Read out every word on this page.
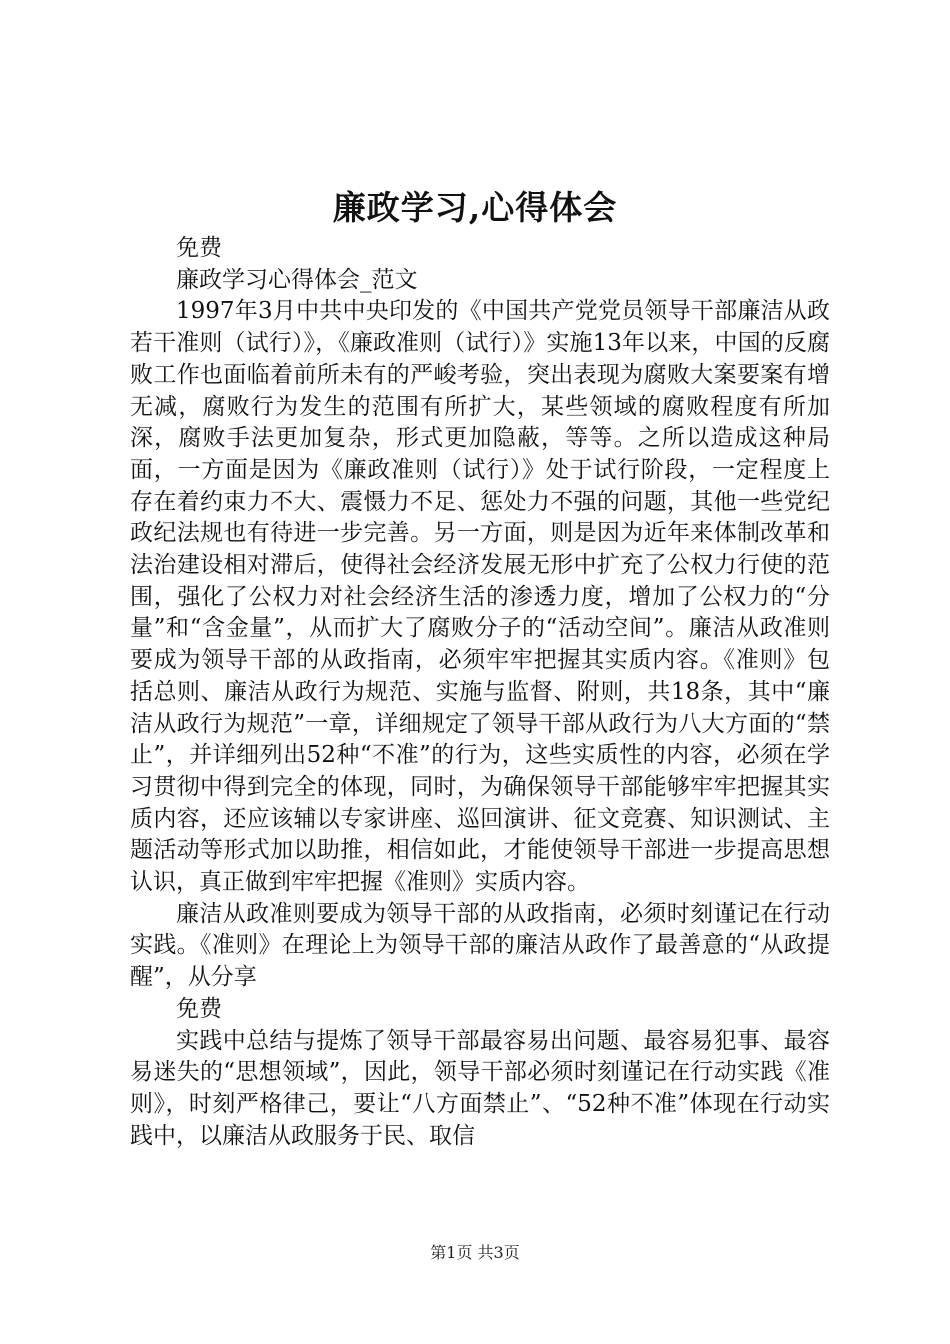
廉政学习,心得体会

免费

廉政学习心得体会_范文

1997年3月中共中央印发的《中国共产党党员领导干部廉洁从政若干准则（试行）》，《廉政准则（试行）》实施13年以来，中国的反腐败工作也面临着前所未有的严峻考验，突出表现为腐败大案要案有增无减，腐败行为发生的范围有所扩大，某些领域的腐败程度有所加深，腐败手法更加复杂，形式更加隐蔽，等等。之所以造成这种局面，一方面是因为《廉政准则（试行）》处于试行阶段，一定程度上存在着约束力不大、震慑力不足、惩处力不强的问题，其他一些党纪政纪法规也有待进一步完善。另一方面，则是因为近年来体制改革和法治建设相对滞后，使得社会经济发展无形中扩充了公权力行使的范围，强化了公权力对社会经济生活的渗透力度，增加了公权力的“分量”和“含金量”，从而扩大了腐败分子的“活动空间”。廉洁从政准则要成为领导干部的从政指南，必须牢牢把握其实质内容。《准则》包括总则、廉洁从政行为规范、实施与监督、附则，共18条，其中“廉洁从政行为规范”一章，详细规定了领导干部从政行为八大方面的“禁止”，并详细列出52种“不准”的行为，这些实质性的内容，必须在学习贯彻中得到完全的体现，同时，为确保领导干部能够牢牢把握其实质内容，还应该辅以专家讲座、巡回演讲、征文竞赛、知识测试、主题活动等形式加以助推，相信如此，才能使领导干部进一步提高思想认识，真正做到牢牢把握《准则》实质内容。

廉洁从政准则要成为领导干部的从政指南，必须时刻谨记在行动实践。《准则》在理论上为领导干部的廉洁从政作了最善意的“从政提醒”，从分享

免费

实践中总结与提炼了领导干部最容易出问题、最容易犯事、最容易迷失的“思想领域”，因此，领导干部必须时刻谨记在行动实践《准则》，时刻严格律己，要让“八方面禁止”、“52种不准”体现在行动实践中，以廉洁从政服务于民、取信

第1页 共3页
